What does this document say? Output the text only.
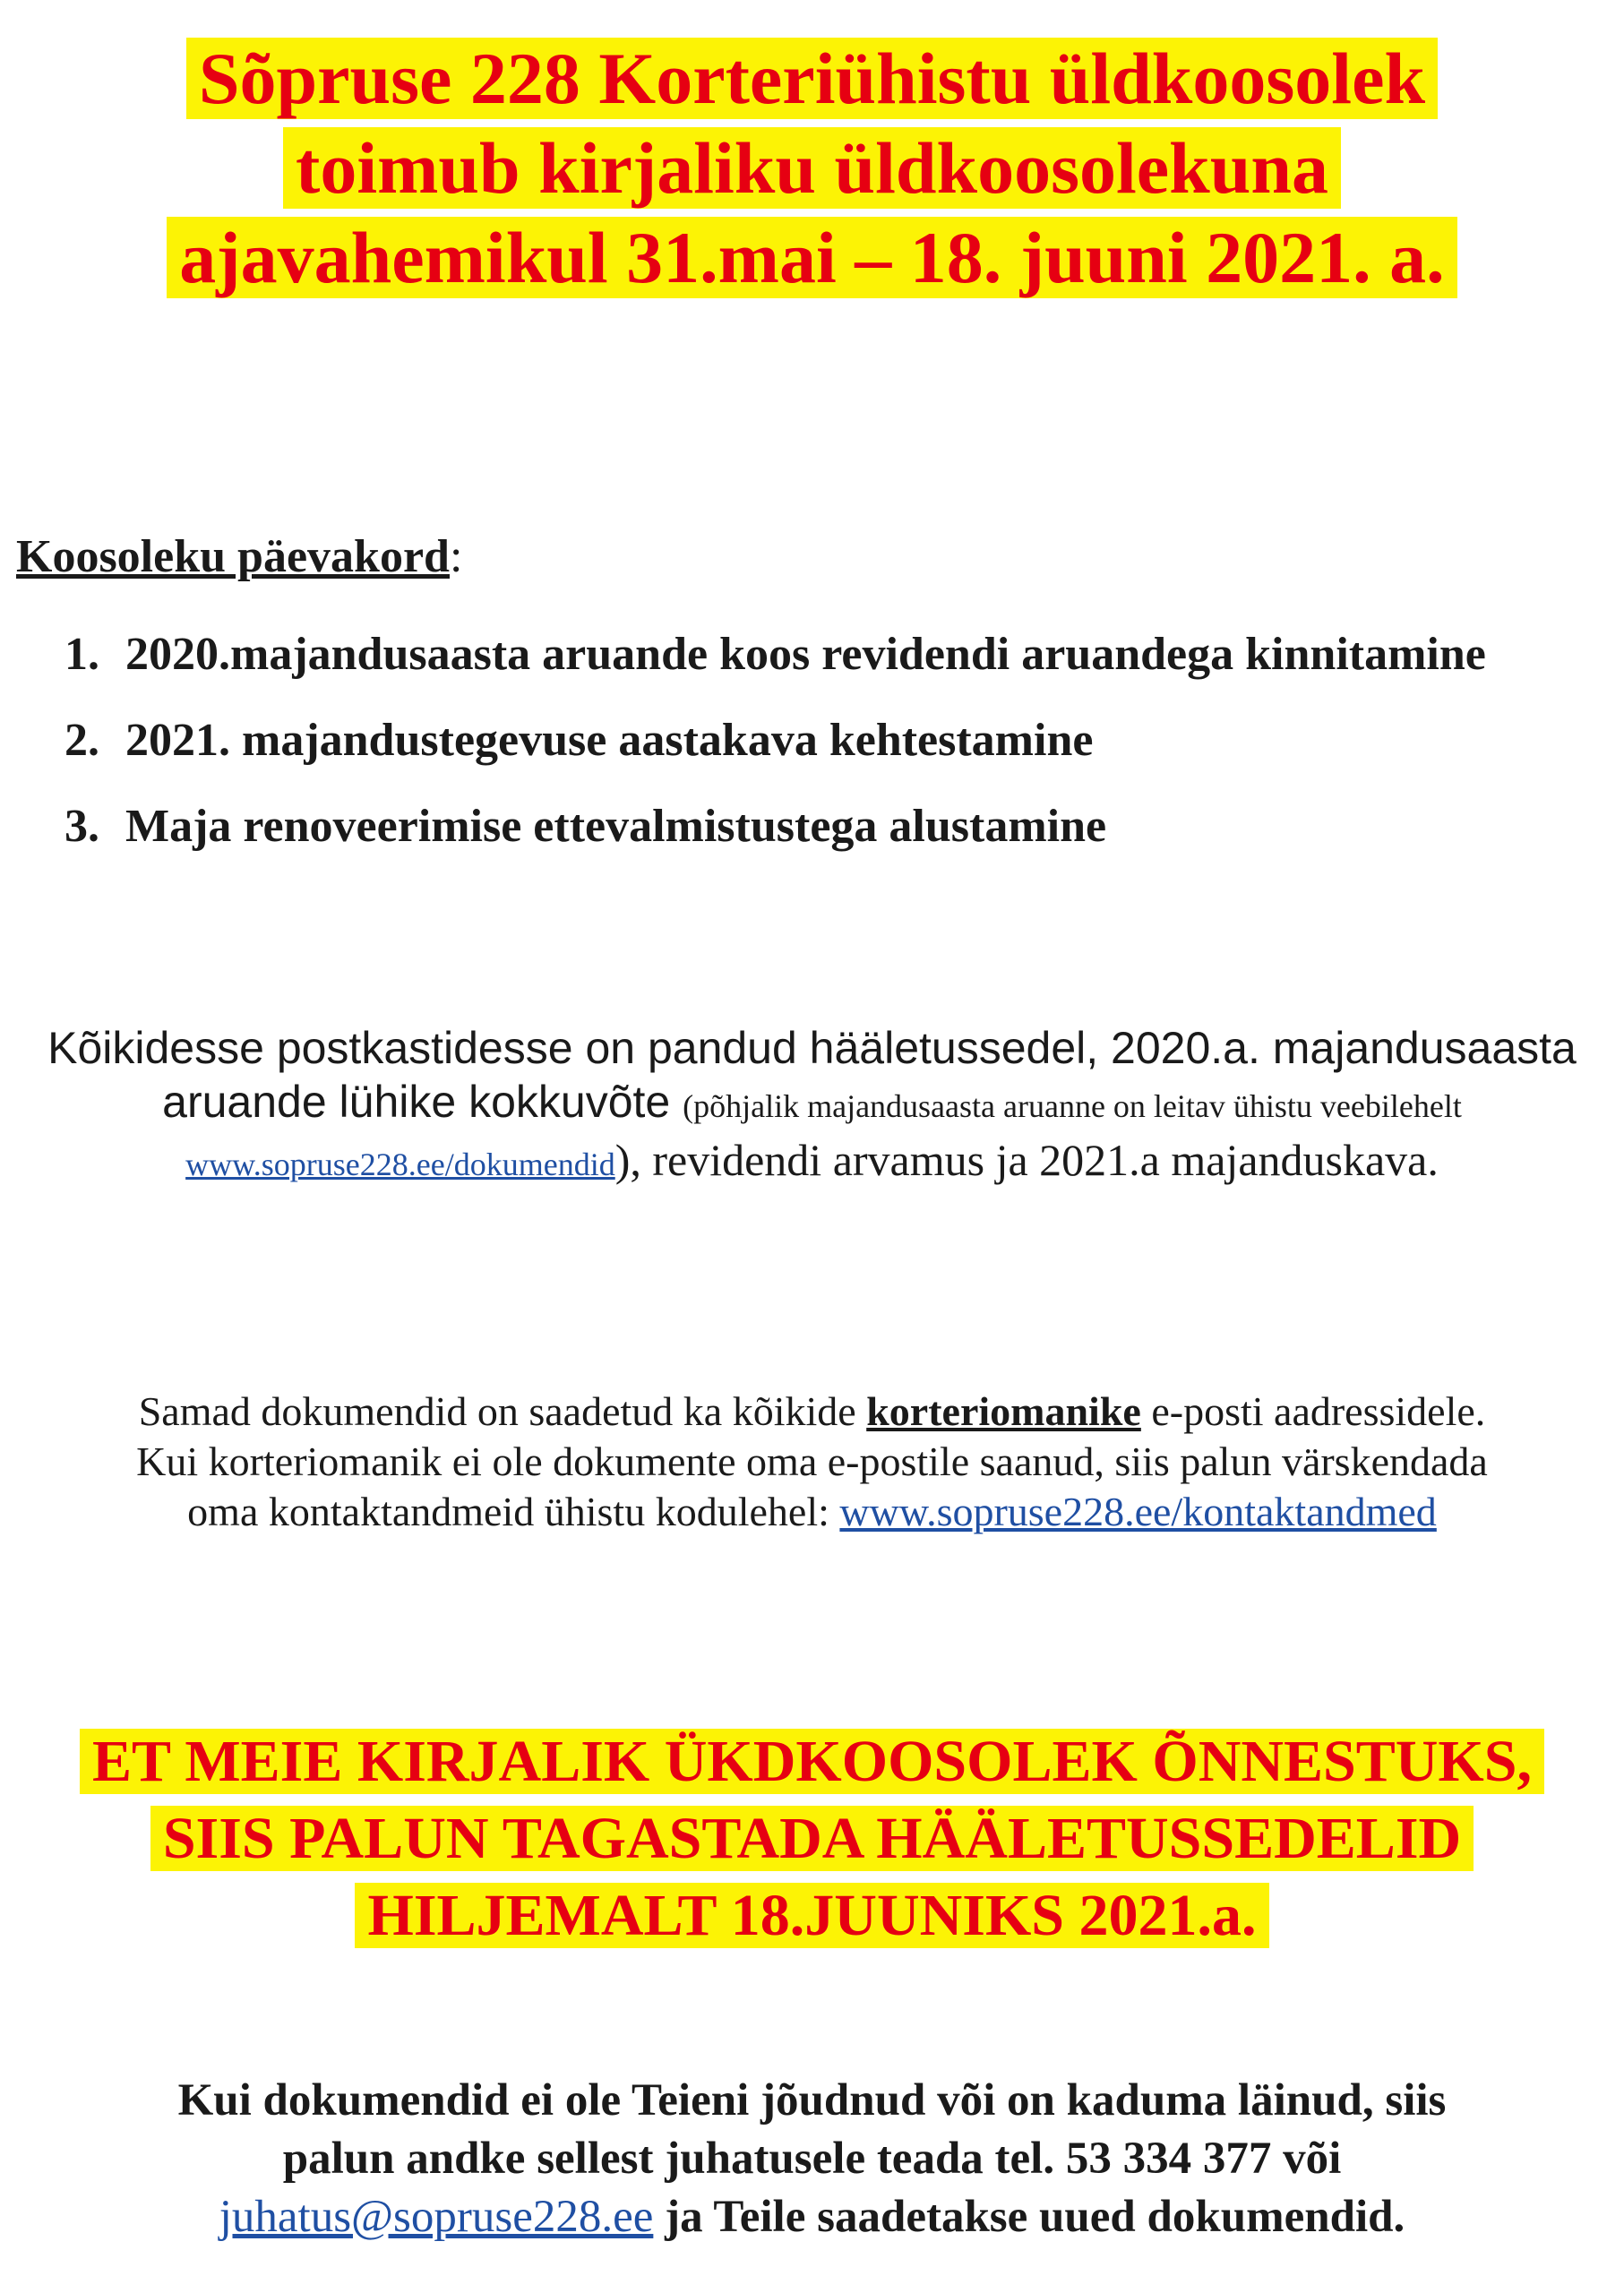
Sõpruse 228 Korteriühistu üldkoosolek
toimub kirjaliku üldkoosolekuna
ajavahemikul 31.mai – 18. juuni 2021. a.
Koosoleku päevakord:
1. 2020.majandusaasta aruande koos revidendi aruandega kinnitamine
2. 2021. majandustegevuse aastakava kehtestamine
3. Maja renoveerimise ettevalmistustega alustamine
Kõikidesse postkastidesse on pandud hääletussedel, 2020.a. majandusaasta
aruande lühike kokkuvõte (põhjalik majandusaasta aruanne on leitav ühistu veebilehelt
www.sopruse228.ee/dokumendid), revidendi arvamus ja 2021.a majanduskava.
Samad dokumendid on saadetud ka kõikide korteriomanike e-posti aadressidele.
Kui korteriomanik ei ole dokumente oma e-postile saanud, siis palun värskendada
oma kontaktandmeid ühistu kodulehel: www.sopruse228.ee/kontaktandmed
ET MEIE KIRJALIK ÜKDKOOSOLEK ÕNNESTUKS,
SIIS PALUN TAGASTADA HÄÄLETUSSEDELID
HILJEMALT 18.JUUNIKS 2021.a.
Kui dokumendid ei ole Teieni jõudnud või on kaduma läinud, siis
palun andke sellest juhatusele teada tel. 53 334 377 või
juhatus@sopruse228.ee ja Teile saadetakse uued dokumendid.
